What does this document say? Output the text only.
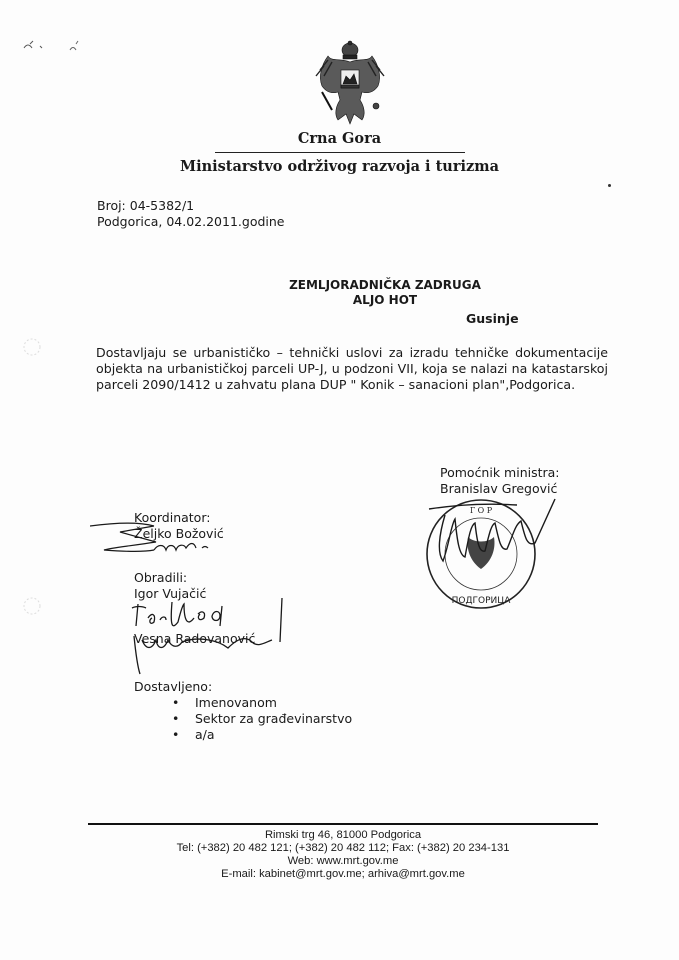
Crna Gora
Ministarstvo održivog razvoja i turizma
Broj: 04-5382/1
Podgorica, 04.02.2011.godine
ZEMLJORADNIČKA ZADRUGA
ALJO HOT
Gusinje
Dostavljaju se urbanističko – tehnički uslovi za izradu tehničke dokumentacije objekta na urbanističkoj parceli UP-J, u podzoni VII, koja se nalazi na katastarskoj parceli 2090/1412 u zahvatu plana DUP " Konik – sanacioni plan",Podgorica.
Pomoćnik ministra:
Branislav Gregović
Г О Р
ПОДГОРИЦА
Koordinator:
Željko Božović
Obradili:
Igor Vujačić
Vesna Radovanović
Dostavljeno:
• Imenovanom
• Sektor za građevinarstvo
• a/a
Rimski trg 46, 81000 Podgorica
Tel: (+382) 20 482 121; (+382) 20 482 112; Fax: (+382) 20 234-131
Web: www.mrt.gov.me
E-mail: kabinet@mrt.gov.me; arhiva@mrt.gov.me
